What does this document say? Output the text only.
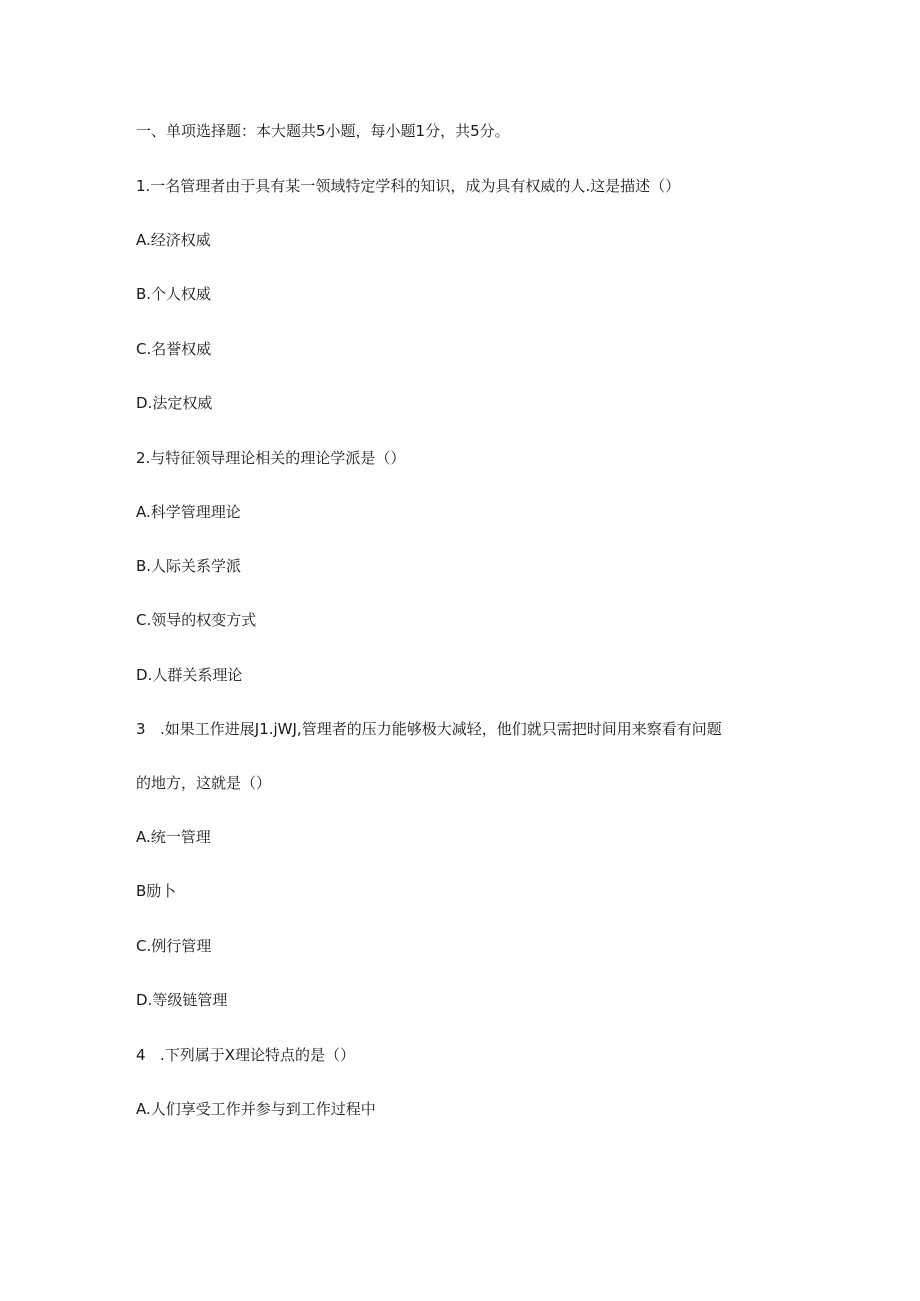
一、单项选择题：本大题共5小题，每小题1分，共5分。
1.一名管理者由于具有某一领域特定学科的知识，成为具有权威的人.这是描述（）
A.经济权威
B.个人权威
C.名誉权威
D.法定权威
2.与特征领导理论相关的理论学派是（）
A.科学管理理论
B.人际关系学派
C.领导的权变方式
D.人群关系理论
3 .如果工作进展J1.jWJ,管理者的压力能够极大减轻，他们就只需把时间用来察看有问题
的地方，这就是（）
A.统一管理
B励卜
C.例行管理
D.等级链管理
4 .下列属于X理论特点的是（）
A.人们享受工作并参与到工作过程中
